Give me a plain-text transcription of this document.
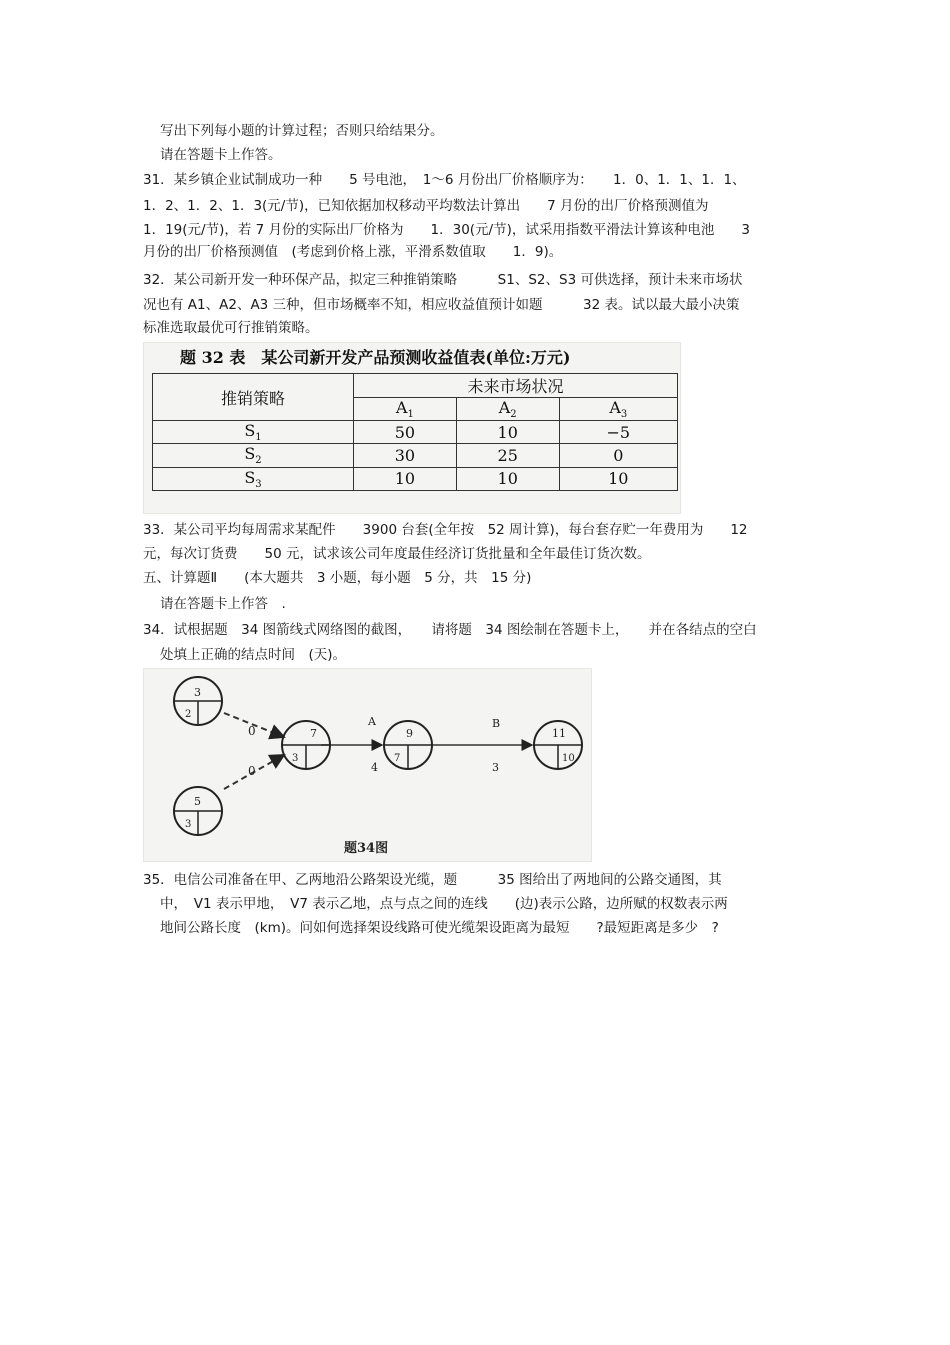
写出下列每小题的计算过程；否则只给结果分。
请在答题卡上作答。
31．某乡镇企业试制成功一种　　5 号电池，　1～6 月份出厂价格顺序为：　　1．0、1．1、1．1、
1．2、1．2、1．3(元/节)，已知依据加权移动平均数法计算出　　7 月份的出厂价格预测值为
1．19(元/节)，若 7 月份的实际出厂价格为　　1．30(元/节)，试采用指数平滑法计算该种电池　　3
月份的出厂价格预测值　(考虑到价格上涨，平滑系数值取　　1．9)。
32．某公司新开发一种环保产品，拟定三种推销策略　　　S1、S2、S3 可供选择，预计未来市场状
况也有 A1、A2、A3 三种，但市场概率不知，相应收益值预计如题　　　32 表。试以最大最小决策
标准选取最优可行推销策略。
题 32 表　某公司新开发产品预测收益值表(单位:万元)
推销策略	未来市场状况		
	$A_1$	$A_2$	$A_3$
$S_1$	50	10	−5
$S_2$	30	25	0
$S_3$	10	10	10
33．某公司平均每周需求某配件　　3900 台套(全年按　52 周计算)，每台套存贮一年费用为　　12
元，每次订货费　　50 元，试求该公司年度最佳经济订货批量和全年最佳订货次数。
五、计算题Ⅱ　　(本大题共　3 小题，每小题　5 分，共　15 分)
请在答题卡上作答　.
34．试根据题　34 图箭线式网络图的截图，　　请将题　34 图绘制在答题卡上，　　并在各结点的空白
处填上正确的结点时间　(天)。
0
0
A
4
B
3
3
2
5
3
7
3
9
7
11
10
题34图
35．电信公司准备在甲、乙两地沿公路架设光缆，题　　　35 图给出了两地间的公路交通图，其
中，　V1 表示甲地，　V7 表示乙地，点与点之间的连线　　(边)表示公路，边所赋的权数表示两
地间公路长度　(km)。问如何选择架设线路可使光缆架设距离为最短　　?最短距离是多少　?
